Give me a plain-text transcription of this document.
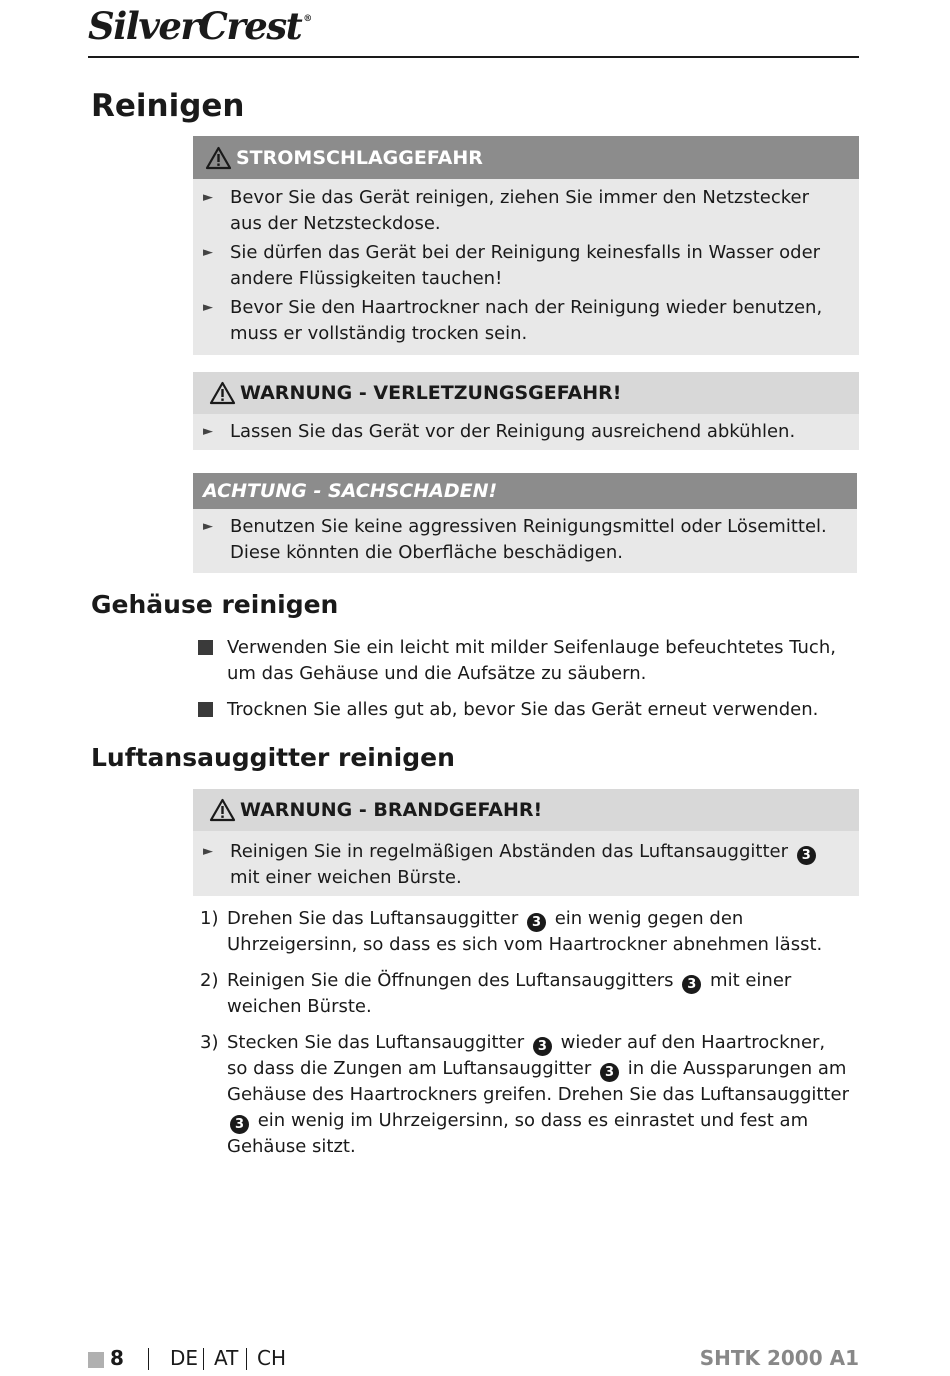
SilverCrest ®
Reinigen
STROMSCHLAGGEFAHR
► Bevor Sie das Gerät reinigen, ziehen Sie immer den Netzstecker aus der Netzsteckdose.
► Sie dürfen das Gerät bei der Reinigung keinesfalls in Wasser oder andere Flüssigkeiten tauchen!
► Bevor Sie den Haartrockner nach der Reinigung wieder benutzen, muss er vollständig trocken sein.
WARNUNG - VERLETZUNGSGEFAHR!
► Lassen Sie das Gerät vor der Reinigung ausreichend abkühlen.
ACHTUNG - SACHSCHADEN!
► Benutzen Sie keine aggressiven Reinigungsmittel oder Lösemittel. Diese könnten die Oberfläche beschädigen.
Gehäuse reinigen
Verwenden Sie ein leicht mit milder Seifenlauge befeuchtetes Tuch, um das Gehäuse und die Aufsätze zu säubern.
Trocknen Sie alles gut ab, bevor Sie das Gerät erneut verwenden.
Luftansauggitter reinigen
WARNUNG - BRANDGEFAHR!
► Reinigen Sie in regelmäßigen Abständen das Luftansauggitter 3 mit einer weichen Bürste.
1) Drehen Sie das Luftansauggitter 3 ein wenig gegen den Uhrzeigersinn, so dass es sich vom Haartrockner abnehmen lässt.
2) Reinigen Sie die Öffnungen des Luftansauggitters 3 mit einer weichen Bürste.
3) Stecken Sie das Luftansauggitter 3 wieder auf den Haartrockner, so dass die Zungen am Luftansauggitter 3 in die Aussparungen am Gehäuse des Haartrockners greifen. Drehen Sie das Luftansauggitter 3 ein wenig im Uhrzeigersinn, so dass es einrastet und fest am Gehäuse sitzt.
8 DE AT CH	SHTK 2000 A1
